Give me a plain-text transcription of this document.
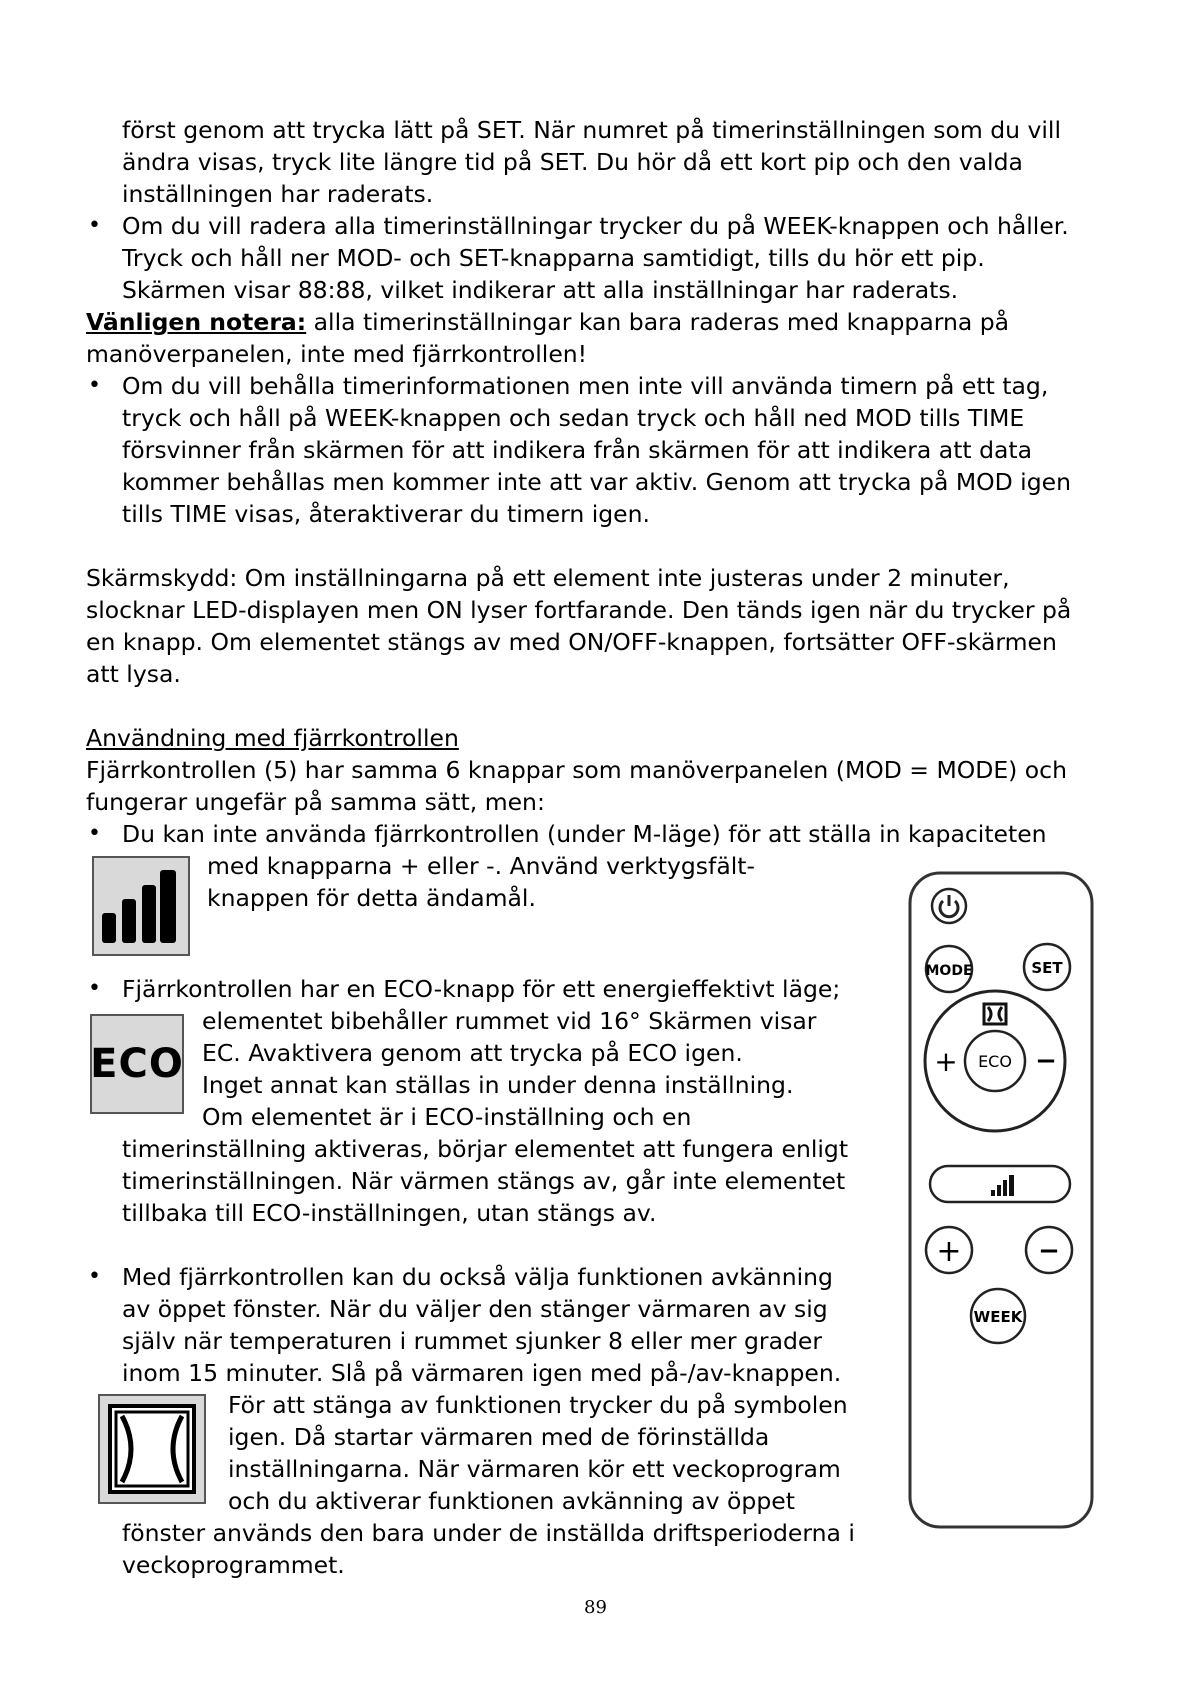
först genom att trycka lätt på SET. När numret på timerinställningen som du vill
ändra visas, tryck lite längre tid på SET. Du hör då ett kort pip och den valda
inställningen har raderats.
• Om du vill radera alla timerinställningar trycker du på WEEK-knappen och håller.
Tryck och håll ner MOD- och SET-knapparna samtidigt, tills du hör ett pip.
Skärmen visar 88:88, vilket indikerar att alla inställningar har raderats.
Vänligen notera: alla timerinställningar kan bara raderas med knapparna på
manöverpanelen, inte med fjärrkontrollen!
• Om du vill behålla timerinformationen men inte vill använda timern på ett tag,
tryck och håll på WEEK-knappen och sedan tryck och håll ned MOD tills TIME
försvinner från skärmen för att indikera från skärmen för att indikera att data
kommer behållas men kommer inte att var aktiv. Genom att trycka på MOD igen
tills TIME visas, återaktiverar du timern igen.
Skärmskydd: Om inställningarna på ett element inte justeras under 2 minuter,
slocknar LED-displayen men ON lyser fortfarande. Den tänds igen när du trycker på
en knapp. Om elementet stängs av med ON/OFF-knappen, fortsätter OFF-skärmen
att lysa.
Användning med fjärrkontrollen
Fjärrkontrollen (5) har samma 6 knappar som manöverpanelen (MOD = MODE) och
fungerar ungefär på samma sätt, men:
• Du kan inte använda fjärrkontrollen (under M-läge) för att ställa in kapaciteten
med knapparna + eller -. Använd verktygsfält-
knappen för detta ändamål.
• Fjärrkontrollen har en ECO-knapp för ett energieffektivt läge;
elementet bibehåller rummet vid 16° Skärmen visar
EC. Avaktivera genom att trycka på ECO igen.
Inget annat kan ställas in under denna inställning.
Om elementet är i ECO-inställning och en
timerinställning aktiveras, börjar elementet att fungera enligt
timerinställningen. När värmen stängs av, går inte elementet
tillbaka till ECO-inställningen, utan stängs av.
ECO
• Med fjärrkontrollen kan du också välja funktionen avkänning
av öppet fönster. När du väljer den stänger värmaren av sig
själv när temperaturen i rummet sjunker 8 eller mer grader
inom 15 minuter. Slå på värmaren igen med på-/av-knappen.
För att stänga av funktionen trycker du på symbolen
igen. Då startar värmaren med de förinställda
inställningarna. När värmaren kör ett veckoprogram
och du aktiverar funktionen avkänning av öppet
fönster används den bara under de inställda driftsperioderna i
veckoprogrammet.
MODE	SET
ECO
+	−
+	−
WEEK
89
